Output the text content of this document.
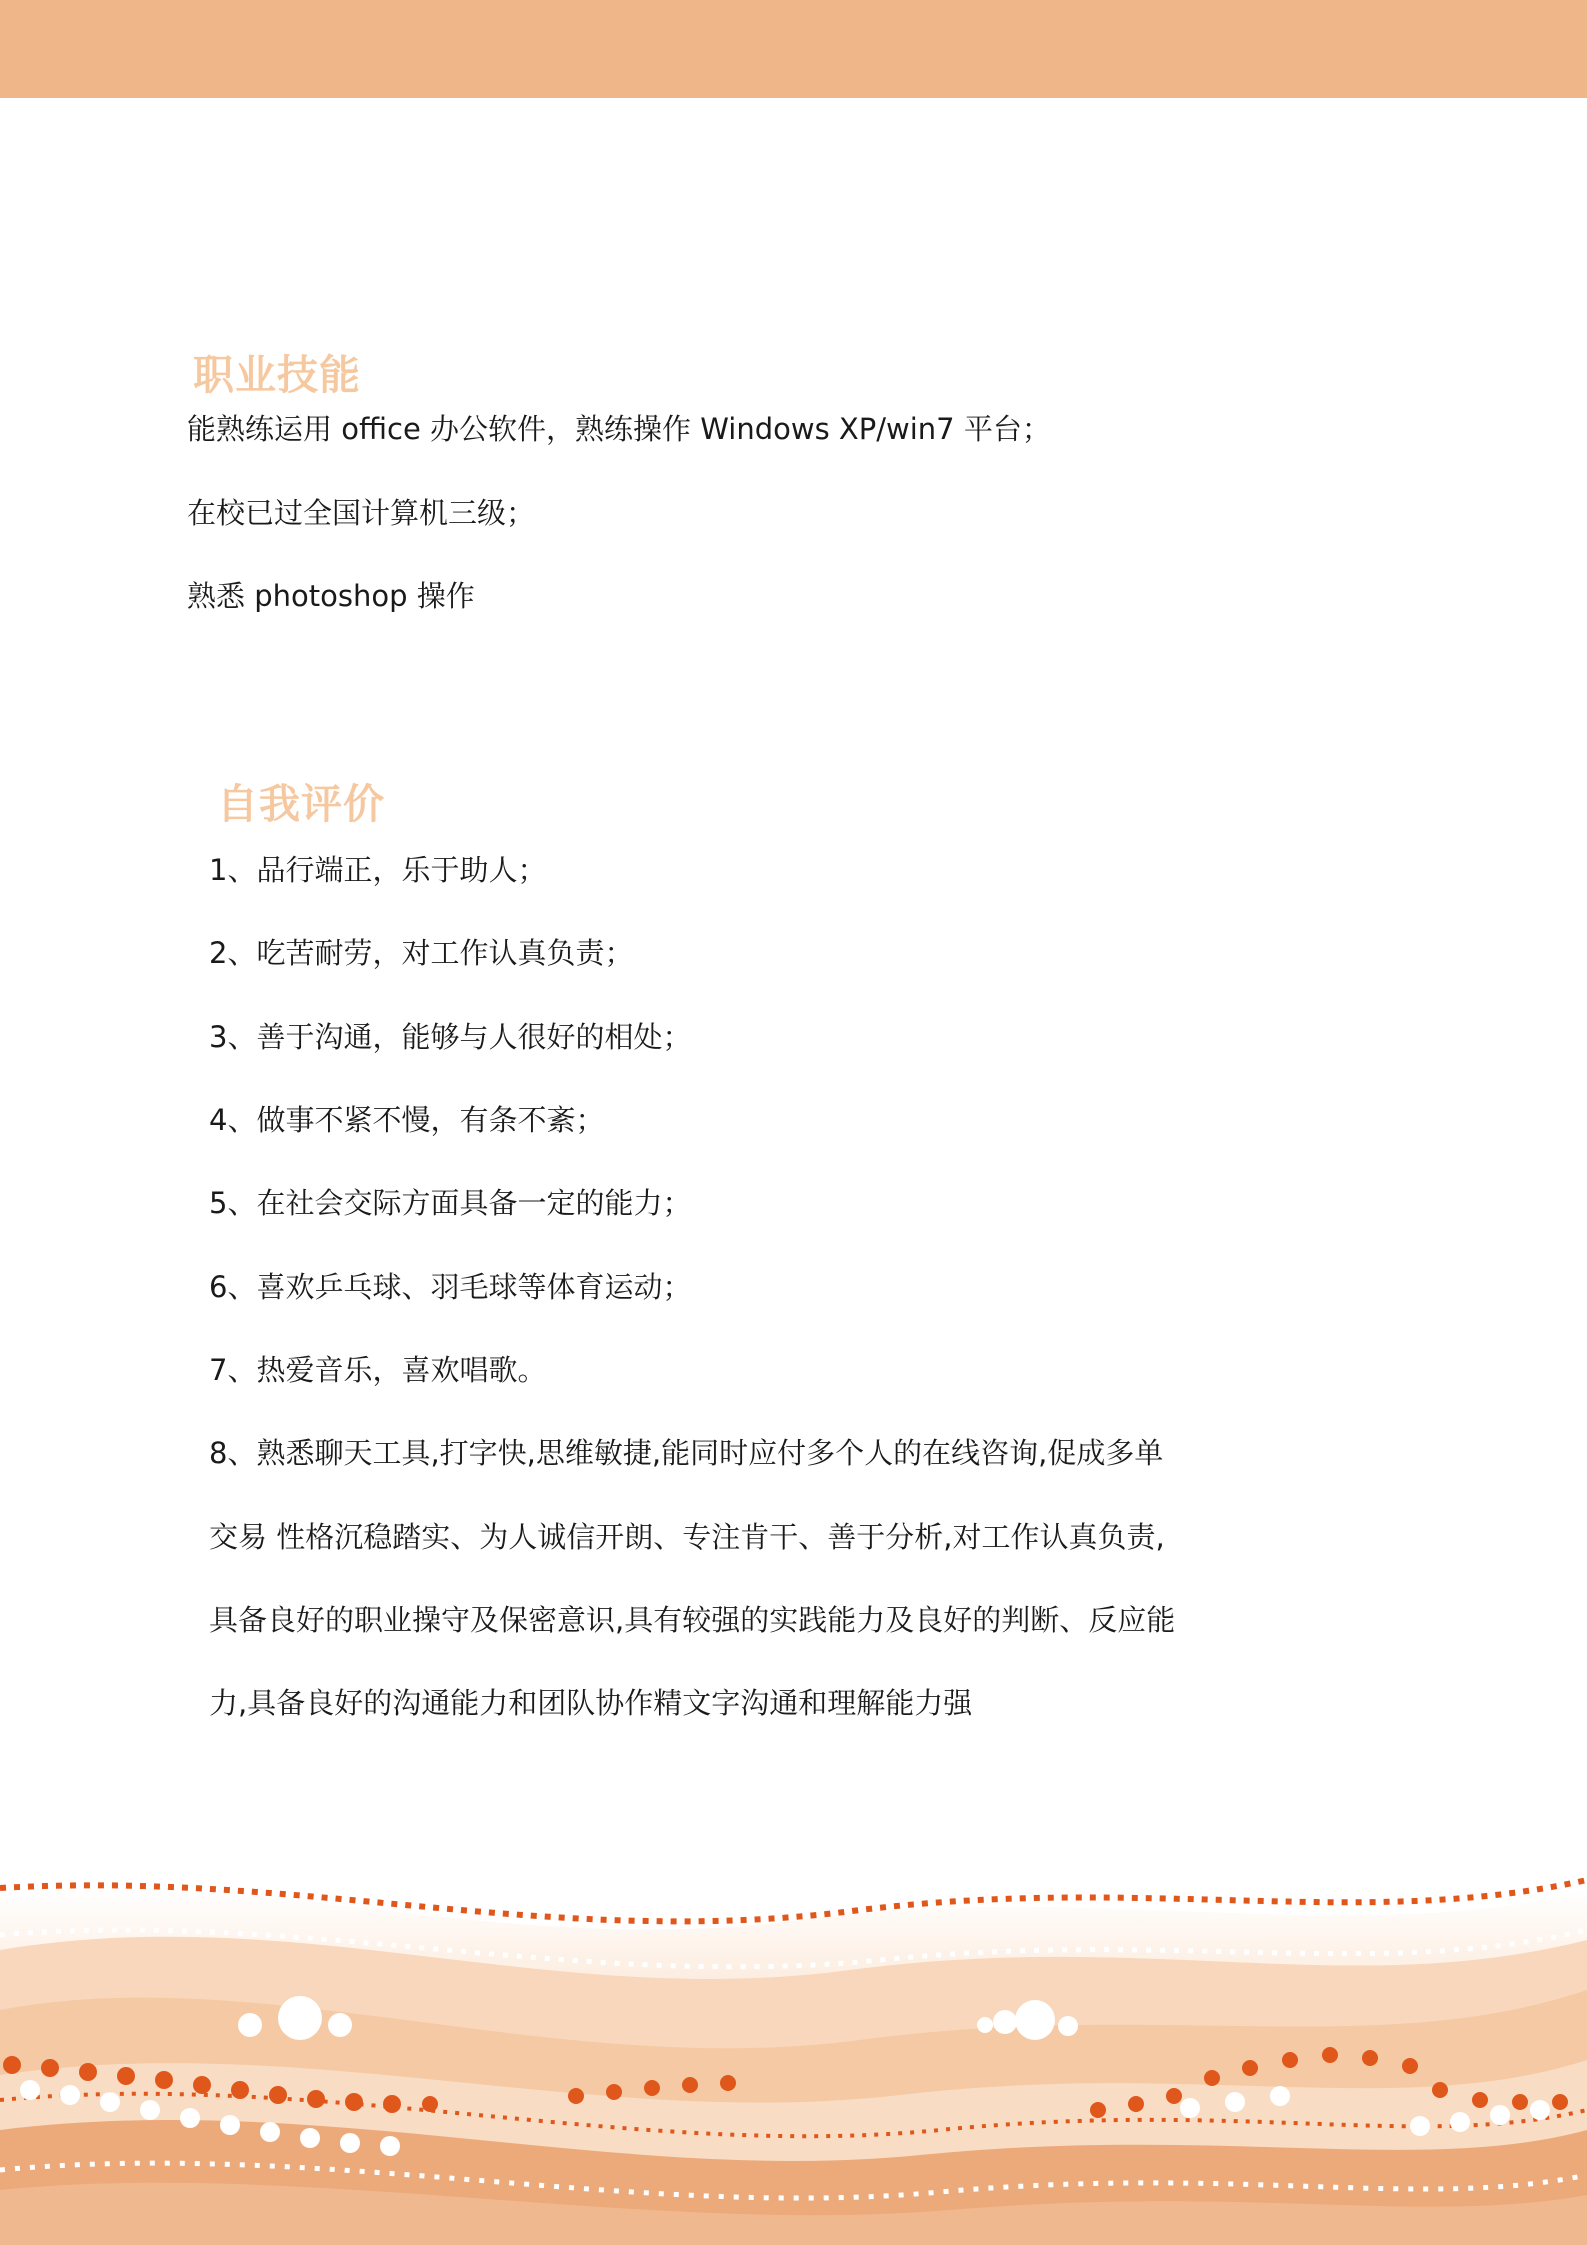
职业技能
能熟练运用 office 办公软件，熟练操作 Windows XP/win7 平台；
在校已过全国计算机三级；
熟悉 photoshop 操作
自我评价
1、品行端正，乐于助人；
2、吃苦耐劳，对工作认真负责；
3、善于沟通，能够与人很好的相处；
4、做事不紧不慢，有条不紊；
5、在社会交际方面具备一定的能力；
6、喜欢乒乓球、羽毛球等体育运动；
7、热爱音乐，喜欢唱歌。
8、熟悉聊天工具,打字快,思维敏捷,能同时应付多个人的在线咨询,促成多单
交易 性格沉稳踏实、为人诚信开朗、专注肯干、善于分析,对工作认真负责,
具备良好的职业操守及保密意识,具有较强的实践能力及良好的判断、反应能
力,具备良好的沟通能力和团队协作精文字沟通和理解能力强
